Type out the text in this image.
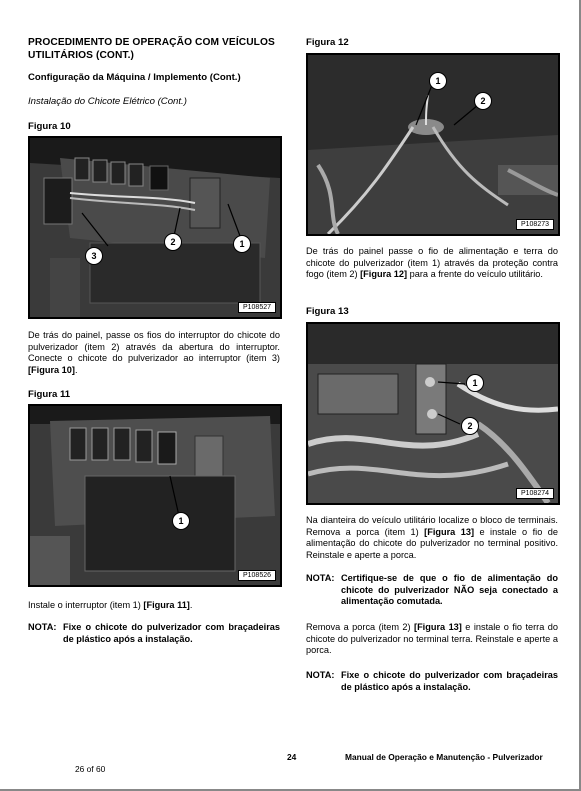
PROCEDIMENTO DE OPERAÇÃO COM VEÍCULOS UTILITÁRIOS (CONT.)
Configuração da Máquina / Implemento (Cont.)
Instalação do Chicote Elétrico (Cont.)
Figura 10
1
2
3
P108527
De trás do painel, passe os fios do interruptor do chicote do pulverizador (item 2) através da abertura do interruptor. Conecte o chicote do pulverizador ao interruptor (item 3) [Figura 10].
Figura 11
1
P108526
Instale o interruptor (item 1) [Figura 11].
NOTA: Fixe o chicote do pulverizador com braçadeiras de plástico após a instalação.
Figura 12
1
2
P108273
De trás do painel passe o fio de alimentação e terra do chicote do pulverizador (item 1) através da proteção contra fogo (item 2) [Figura 12] para a frente do veículo utilitário.
Figura 13
1
2
P108274
Na dianteira do veículo utilitário localize o bloco de terminais. Remova a porca (item 1) [Figura 13] e instale o fio de alimentação do chicote do pulverizador no terminal positivo. Reinstale e aperte a porca.
NOTA: Certifique-se de que o fio de alimentação do chicote do pulverizador NÃO seja conectado a alimentação comutada.
Remova a porca (item 2) [Figura 13] e instale o fio terra do chicote do pulverizador no terminal terra. Reinstale e aperte a porca.
NOTA: Fixe o chicote do pulverizador com braçadeiras de plástico após a instalação.
24	Manual de Operação e Manutenção - Pulverizador
26 of 60
